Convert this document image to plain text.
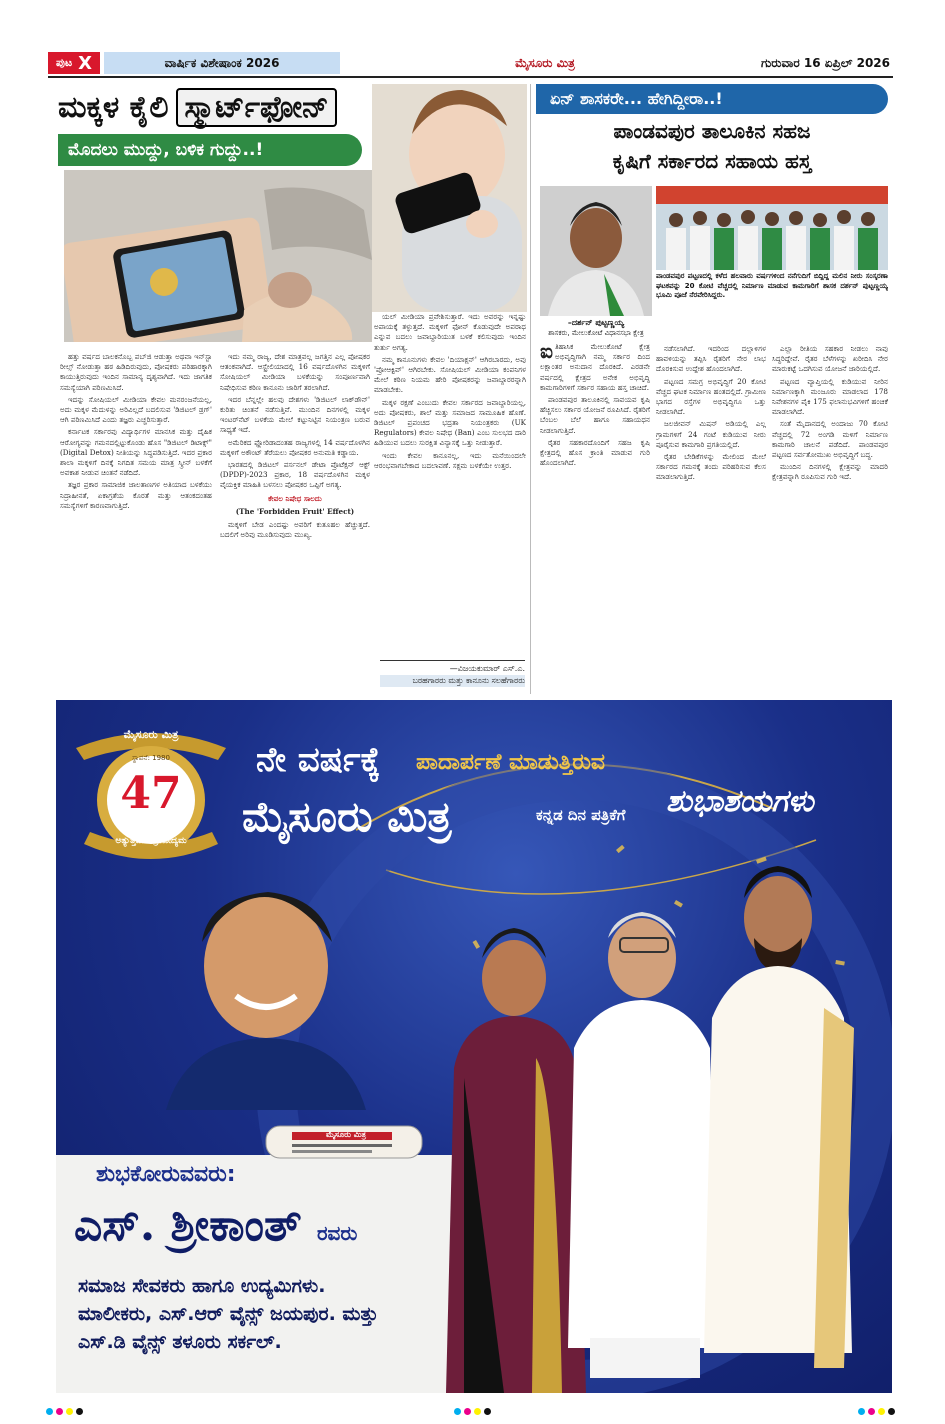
ಪುಟ X	ವಾರ್ಷಿಕ ವಿಶೇಷಾಂಕ 2026	ಮೈಸೂರು ಮಿತ್ರ	ಗುರುವಾರ 16 ಏಪ್ರಿಲ್ 2026
ಮಕ್ಕಳ ಕೈಲಿ ಸ್ಮಾರ್ಟ್‌ಫೋನ್
ಮೊದಲು ಮುದ್ದು, ಬಳಿಕ ಗುದ್ದು..!

ಹತ್ತು ವರ್ಷದ ಬಾಲಕನೊಬ್ಬ ಪಬ್‌ಜಿ ಆಡುತ್ತಾ ಅಥವಾ ಇನ್‌ಸ್ಟಾ ರೀಲ್ಸ್ ನೋಡುತ್ತಾ ಹಠ ಹಿಡಿದಿರುವುದು, ಪೋಷಕರು ಪರಿಹಾರಕ್ಕಾಗಿ ಕಾಯುತ್ತಿರುವುದು ಇಂದಿನ ಸಾಮಾನ್ಯ ದೃಶ್ಯವಾಗಿದೆ. ಇದು ಜಾಗತಿಕ ಸಮಸ್ಯೆಯಾಗಿ ಪರಿಣಮಿಸಿದೆ.

ಇದನ್ನು ಸೋಷಿಯಲ್ ಮೀಡಿಯಾ ಕೇವಲ ಮನರಂಜನೆಯಲ್ಲ, ಅದು ಮಕ್ಕಳ ಮೆದುಳನ್ನು ಅರಿವಿಲ್ಲದೆ ಬದಲಿಸುವ 'ಡಿಜಿಟಲ್ ಡ್ರಗ್' ಆಗಿ ಪರಿಣಮಿಸಿದೆ ಎಂದು ತಜ್ಞರು ಎಚ್ಚರಿಸುತ್ತಾರೆ.

ಕರ್ನಾಟಕ ಸರ್ಕಾರವು ವಿದ್ಯಾರ್ಥಿಗಳ ಮಾನಸಿಕ ಮತ್ತು ದೈಹಿಕ ಆರೋಗ್ಯವನ್ನು ಗಮನದಲ್ಲಿಟ್ಟುಕೊಂಡು ಹೊಸ "ಡಿಜಿಟಲ್ ಡಿಟಾಕ್ಸ್" (Digital Detox) ನೀತಿಯನ್ನು ಸಿದ್ಧಪಡಿಸುತ್ತಿದೆ. ಇದರ ಪ್ರಕಾರ ಶಾಲಾ ಮಕ್ಕಳಿಗೆ ದಿನಕ್ಕೆ ನಿಗದಿತ ಸಮಯ ಮಾತ್ರ ಸ್ಕ್ರೀನ್ ಬಳಕೆಗೆ ಅವಕಾಶ ನೀಡುವ ಚಿಂತನೆ ನಡೆದಿದೆ.

ತಜ್ಞರ ಪ್ರಕಾರ ಸಾಮಾಜಿಕ ಜಾಲತಾಣಗಳ ಅತಿಯಾದ ಬಳಕೆಯು ನಿದ್ರಾಹೀನತೆ, ಏಕಾಗ್ರತೆಯ ಕೊರತೆ ಮತ್ತು ಆತಂಕದಂತಹ ಸಮಸ್ಯೆಗಳಿಗೆ ಕಾರಣವಾಗುತ್ತಿದೆ.

ಇದು ನಮ್ಮ ರಾಜ್ಯ, ದೇಶ ಮಾತ್ರವಲ್ಲ ಜಗತ್ತಿನ ಎಲ್ಲ ಪೋಷಕರ ಆತಂಕವಾಗಿದೆ. ಆಸ್ಟ್ರೇಲಿಯಾದಲ್ಲಿ 16 ವರ್ಷದೊಳಗಿನ ಮಕ್ಕಳಿಗೆ ಸೋಷಿಯಲ್ ಮೀಡಿಯಾ ಬಳಕೆಯನ್ನು ಸಂಪೂರ್ಣವಾಗಿ ನಿಷೇಧಿಸುವ ಕಠಿಣ ಕಾನೂನು ಜಾರಿಗೆ ತರಲಾಗಿದೆ.

ಇದರ ಬೆನ್ನಲ್ಲೇ ಹಲವು ದೇಶಗಳು 'ಡಿಜಿಟಲ್ ಲಾಕ್‌ಡೌನ್' ಕುರಿತು ಚಿಂತನೆ ನಡೆಸುತ್ತಿವೆ. ಮುಂದಿನ ದಿನಗಳಲ್ಲಿ ಮಕ್ಕಳ ಇಂಟರ್‌ನೆಟ್ ಬಳಕೆಯ ಮೇಲೆ ಕಟ್ಟುನಿಟ್ಟಿನ ನಿಯಂತ್ರಣ ಬರುವ ಸಾಧ್ಯತೆ ಇದೆ.

ಅಮೆರಿಕದ ಫ್ಲೋರಿಡಾದಂತಹ ರಾಜ್ಯಗಳಲ್ಲಿ 14 ವರ್ಷದೊಳಗಿನ ಮಕ್ಕಳಿಗೆ ಅಕೌಂಟ್ ತೆರೆಯಲು ಪೋಷಕರ ಅನುಮತಿ ಕಡ್ಡಾಯ.

ಭಾರತದಲ್ಲಿ ಡಿಜಿಟಲ್ ಪರ್ಸನಲ್ ಡೇಟಾ ಪ್ರೊಟೆಕ್ಷನ್ ಆಕ್ಟ್ (DPDP)-2023 ಪ್ರಕಾರ, 18 ವರ್ಷದೊಳಗಿನ ಮಕ್ಕಳ ವೈಯಕ್ತಿಕ ಮಾಹಿತಿ ಬಳಸಲು ಪೋಷಕರ ಒಪ್ಪಿಗೆ ಅಗತ್ಯ.

ಕೇವಲ ನಿಷೇಧ ಸಾಲದು

(The 'Forbidden Fruit' Effect)

ಮಕ್ಕಳಿಗೆ ಬೇಡ ಎಂದಷ್ಟು ಅವರಿಗೆ ಕುತೂಹಲ ಹೆಚ್ಚುತ್ತದೆ. ಬದಲಿಗೆ ಅರಿವು ಮೂಡಿಸುವುದು ಮುಖ್ಯ.

ಯಲ್ ಮೀಡಿಯಾ ಪ್ರವೇಶಿಸುತ್ತಾರೆ. ಇದು ಅವರನ್ನು ಇನ್ನಷ್ಟು ಅಪಾಯಕ್ಕೆ ತಳ್ಳುತ್ತದೆ. ಮಕ್ಕಳಿಗೆ ಫೋನ್ ಕೊಡುವುದೇ ಅಪರಾಧ ಎನ್ನುವ ಬದಲು ಜವಾಬ್ದಾರಿಯುತ ಬಳಕೆ ಕಲಿಸುವುದು ಇಂದಿನ ತುರ್ತು ಅಗತ್ಯ.

ನಮ್ಮ ಕಾನೂನುಗಳು ಕೇವಲ 'ದಿಯಾಕ್ಷನ್' ಆಗಿರಬಾರದು, ಅವು 'ಪ್ರೋಆಕ್ಟಿವ್' ಆಗಿರಬೇಕು. ಸೋಷಿಯಲ್ ಮೀಡಿಯಾ ಕಂಪನಿಗಳ ಮೇಲೆ ಕಠಿಣ ನಿಯಮ ಹೇರಿ ಪೋಷಕರನ್ನು ಜವಾಬ್ದಾರರನ್ನಾಗಿ ಮಾಡಬೇಕು.

ಮಕ್ಕಳ ರಕ್ಷಣೆ ಎಂಬುದು ಕೇವಲ ಸರ್ಕಾರದ ಜವಾಬ್ದಾರಿಯಲ್ಲ, ಅದು ಪೋಷಕರು, ಶಾಲೆ ಮತ್ತು ಸಮಾಜದ ಸಾಮೂಹಿಕ ಹೊಣೆ. ಡಿಜಿಟಲ್ ಪ್ರಪಂಚದ ಭದ್ರತಾ ನಿಯಂತ್ರಕರು (UK Regulators) ಕೇವಲ ನಿಷೇಧ (Ban) ಎಂಬ ಸುಲಭದ ದಾರಿ ಹಿಡಿಯುವ ಬದಲು ಸುರಕ್ಷಿತ ವಿನ್ಯಾಸಕ್ಕೆ ಒತ್ತು ನೀಡುತ್ತಾರೆ.

ಇಂದು ಕೇವಲ ಕಾನೂನಲ್ಲ, ಇದು ಮನೆಯಿಂದಲೇ ಆರಂಭವಾಗಬೇಕಾದ ಬದಲಾವಣೆ. ಸಕ್ಷಮ ಬಳಕೆಯೇ ಉತ್ತರ.

—ವಿಜಯಕುಮಾರ್ ಎಸ್.ಎ.
ಬರಹಗಾರರು ಮತ್ತು ಕಾನೂನು ಸಲಹೆಗಾರರು
ಏನ್ ಶಾಸಕರೇ... ಹೇಗಿದ್ದೀರಾ..!
ಪಾಂಡವಪುರ ತಾಲೂಕಿನ ಸಹಜ
ಕೃಷಿಗೆ ಸರ್ಕಾರದ ಸಹಾಯ ಹಸ್ತ
–ದರ್ಶನ್ ಪುಟ್ಟಣ್ಣಯ್ಯ
ಶಾಸಕರು, ಮೇಲುಕೋಟೆ ವಿಧಾನಸಭಾ ಕ್ಷೇತ್ರ
ಪಾಂಡವಪುರ ಪಟ್ಟಣದಲ್ಲಿ ಕಳೆದ ಹಲವಾರು ವರ್ಷಗಳಿಂದ ನನೆಗುದಿಗೆ ಬಿದ್ದಿದ್ದ ಮಲಿನ ನೀರು ಸಂಸ್ಕರಣಾ ಘಟಕವನ್ನು 20 ಕೋಟಿ ವೆಚ್ಚದಲ್ಲಿ ನಿರ್ಮಾಣ ಮಾಡುವ ಕಾಮಗಾರಿಗೆ ಶಾಸಕ ದರ್ಶನ್ ಪುಟ್ಟಣ್ಣಯ್ಯ ಭೂಮಿ ಪೂಜೆ ನೆರವೇರಿಸಿದ್ದರು.

ಐತಿಹಾಸಿಕ ಮೇಲುಕೋಟೆ ಕ್ಷೇತ್ರ ಅಭಿವೃದ್ಧಿಗಾಗಿ ನಮ್ಮ ಸರ್ಕಾರ ದಿಂದ ಲಕ್ಷಾಂತರ ಅನುದಾನ ದೊರಕಿದೆ. ಎರಡನೇ ವರ್ಷದಲ್ಲಿ ಕ್ಷೇತ್ರದ ಅನೇಕ ಅಭಿವೃದ್ಧಿ ಕಾಮಗಾರಿಗಳಿಗೆ ಸರ್ಕಾರ ಸಹಾಯ ಹಸ್ತ ಚಾಚಿದೆ.

ಪಾಂಡವಪುರ ತಾಲೂಕಿನಲ್ಲಿ ಸಾವಯವ ಕೃಷಿ ಹೆಚ್ಚಿಸಲು ಸರ್ಕಾರ ಯೋಜನೆ ರೂಪಿಸಿದೆ. ರೈತರಿಗೆ ಬೆಂಬಲ ಬೆಲೆ ಹಾಗೂ ಸಹಾಯಧನ ನೀಡಲಾಗುತ್ತಿದೆ.

ರೈತರ ಸಹಕಾರದೊಂದಿಗೆ ಸಹಜ ಕೃಷಿ ಕ್ಷೇತ್ರದಲ್ಲಿ ಹೊಸ ಕ್ರಾಂತಿ ಮಾಡುವ ಗುರಿ ಹೊಂದಲಾಗಿದೆ.

ನಡೆಸಲಾಗಿದೆ. ಇದರಿಂದ ದಲ್ಲಾಳಿಗಳ ಹಾವಳಿಯನ್ನು ತಪ್ಪಿಸಿ ರೈತರಿಗೆ ನೇರ ಲಾಭ ದೊರಕಿಸುವ ಉದ್ದೇಶ ಹೊಂದಲಾಗಿದೆ.

ಪಟ್ಟಣದ ಸಮಗ್ರ ಅಭಿವೃದ್ಧಿಗೆ 20 ಕೋಟಿ ವೆಚ್ಚದ ಘಟಕ ನಿರ್ಮಾಣ ಹಂತದಲ್ಲಿದೆ. ಗ್ರಾಮೀಣ ಭಾಗದ ರಸ್ತೆಗಳ ಅಭಿವೃದ್ಧಿಗೂ ಒತ್ತು ನೀಡಲಾಗಿದೆ.

ಜಲಜೀವನ್ ಮಿಷನ್ ಅಡಿಯಲ್ಲಿ ಎಲ್ಲ ಗ್ರಾಮಗಳಿಗೆ 24 ಗಂಟೆ ಕುಡಿಯುವ ನೀರು ಪೂರೈಸುವ ಕಾಮಗಾರಿ ಪ್ರಗತಿಯಲ್ಲಿದೆ.

ರೈತರ ಬೇಡಿಕೆಗಳನ್ನು ಮೇಲಿಂದ ಮೇಲೆ ಸರ್ಕಾರದ ಗಮನಕ್ಕೆ ತಂದು ಪರಿಹರಿಸುವ ಕೆಲಸ ಮಾಡಲಾಗುತ್ತಿದೆ.

ಎಲ್ಲಾ ರೀತಿಯ ಸಹಕಾರ ನೀಡಲು ನಾವು ಸಿದ್ಧರಿದ್ದೇವೆ. ರೈತರ ಬೆಳೆಗಳನ್ನು ಖರೀದಿಸಿ ನೇರ ಮಾರುಕಟ್ಟೆ ಒದಗಿಸುವ ಯೋಜನೆ ಜಾರಿಯಲ್ಲಿದೆ.

ಪಟ್ಟಣದ ವ್ಯಾಪ್ತಿಯಲ್ಲಿ ಕುಡಿಯುವ ನೀರಿನ ನಿರ್ಮಾಣಕ್ಕಾಗಿ ಮಂಜೂರು ಮಾಡಲಾದ 178 ನಿವೇಶನಗಳ ಪೈಕಿ 175 ಫಲಾನುಭವಿಗಳಿಗೆ ಹಂಚಿಕೆ ಮಾಡಲಾಗಿದೆ.

ಸಂತೆ ಮೈದಾನದಲ್ಲಿ ಅಂದಾಜು 70 ಕೋಟಿ ವೆಚ್ಚದಲ್ಲಿ 72 ಅಂಗಡಿ ಮಳಿಗೆ ನಿರ್ಮಾಣ ಕಾಮಗಾರಿ ಚಾಲನೆ ಪಡೆದಿದೆ. ಪಾಂಡವಪುರ ಪಟ್ಟಣದ ಸರ್ವತೋಮುಖ ಅಭಿವೃದ್ಧಿಗೆ ಬದ್ಧ.

ಮುಂದಿನ ದಿನಗಳಲ್ಲಿ ಕ್ಷೇತ್ರವನ್ನು ಮಾದರಿ ಕ್ಷೇತ್ರವನ್ನಾಗಿ ರೂಪಿಸುವ ಗುರಿ ಇದೆ.

ಮೈಸೂರು ಮಿತ್ರ
ಸ್ಥಾಪನೆ: 1980
47
ಅತ್ಯುತ್ತಮ ಪತ್ರಿಕೋದ್ಯಮ
ನೇ ವರ್ಷಕ್ಕೆ	ಪಾದಾರ್ಪಣೆ ಮಾಡುತ್ತಿರುವ
ಮೈಸೂರು ಮಿತ್ರ	ಕನ್ನಡ ದಿನ ಪತ್ರಿಕೆಗೆ	ಶುಭಾಶಯಗಳು
ಮೈಸೂರು ಮಿತ್ರ
ಶುಭಕೋರುವವರು:
ಎಸ್. ಶ್ರೀಕಾಂತ್ ರವರು
ಸಮಾಜ ಸೇವಕರು ಹಾಗೂ ಉದ್ಯಮಿಗಳು.
ಮಾಲೀಕರು, ಎಸ್.ಆರ್ ವೈನ್ಸ್ ಜಯಪುರ. ಮತ್ತು
ಎಸ್.ಡಿ ವೈನ್ಸ್ ತಳೂರು ಸರ್ಕಲ್.
